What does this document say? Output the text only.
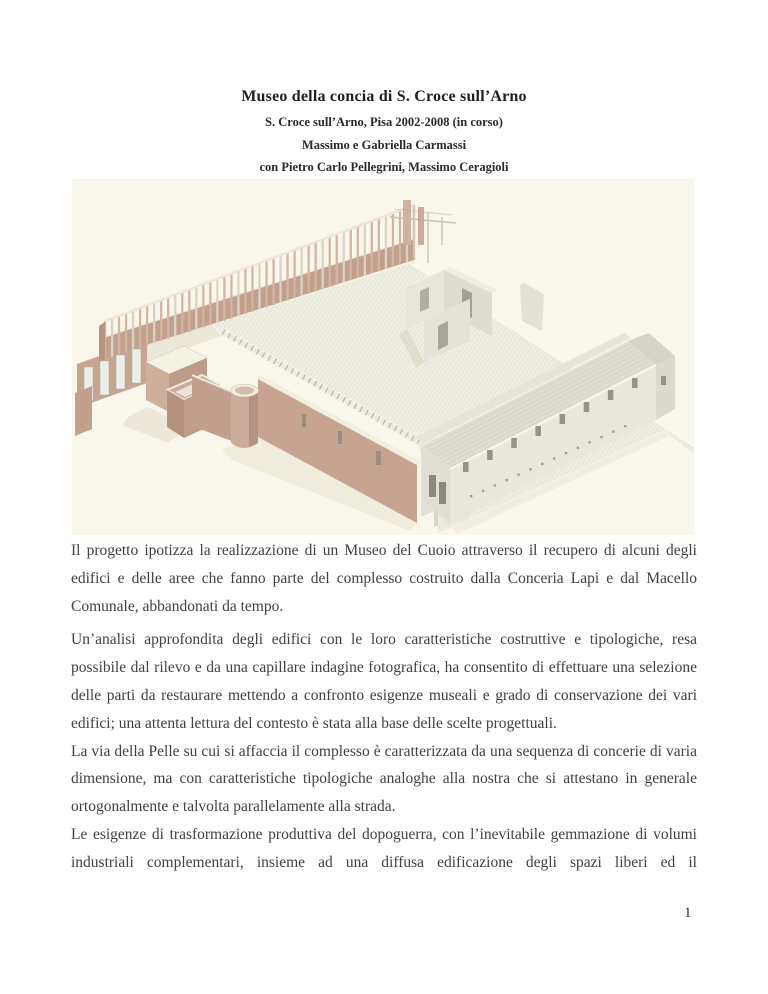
Museo della concia di S. Croce sull’Arno
S. Croce sull’Arno, Pisa 2002-2008 (in corso)
Massimo e Gabriella Carmassi
con Pietro Carlo Pellegrini, Massimo Ceragioli

Il progetto ipotizza la realizzazione di un Museo del Cuoio attraverso il recupero di alcuni degli edifici e delle aree che fanno parte del complesso costruito dalla Conceria Lapi e dal Macello Comunale, abbandonati da tempo.

Un’analisi approfondita degli edifici con le loro caratteristiche costruttive e tipologiche, resa possibile dal rilevo e da una capillare indagine fotografica, ha consentito di effettuare una selezione delle parti da restaurare mettendo a confronto esigenze museali e grado di conservazione dei vari edifici; una attenta lettura del contesto è stata alla base delle scelte progettuali.

La via della Pelle su cui si affaccia il complesso è caratterizzata da una sequenza di concerie di varia dimensione, ma con caratteristiche tipologiche analoghe alla nostra che si attestano in generale ortogonalmente e talvolta parallelamente alla strada.

Le esigenze di trasformazione produttiva del dopoguerra, con l’inevitabile gemmazione di volumi industriali complementari, insieme ad una diffusa edificazione degli spazi liberi ed il

1
